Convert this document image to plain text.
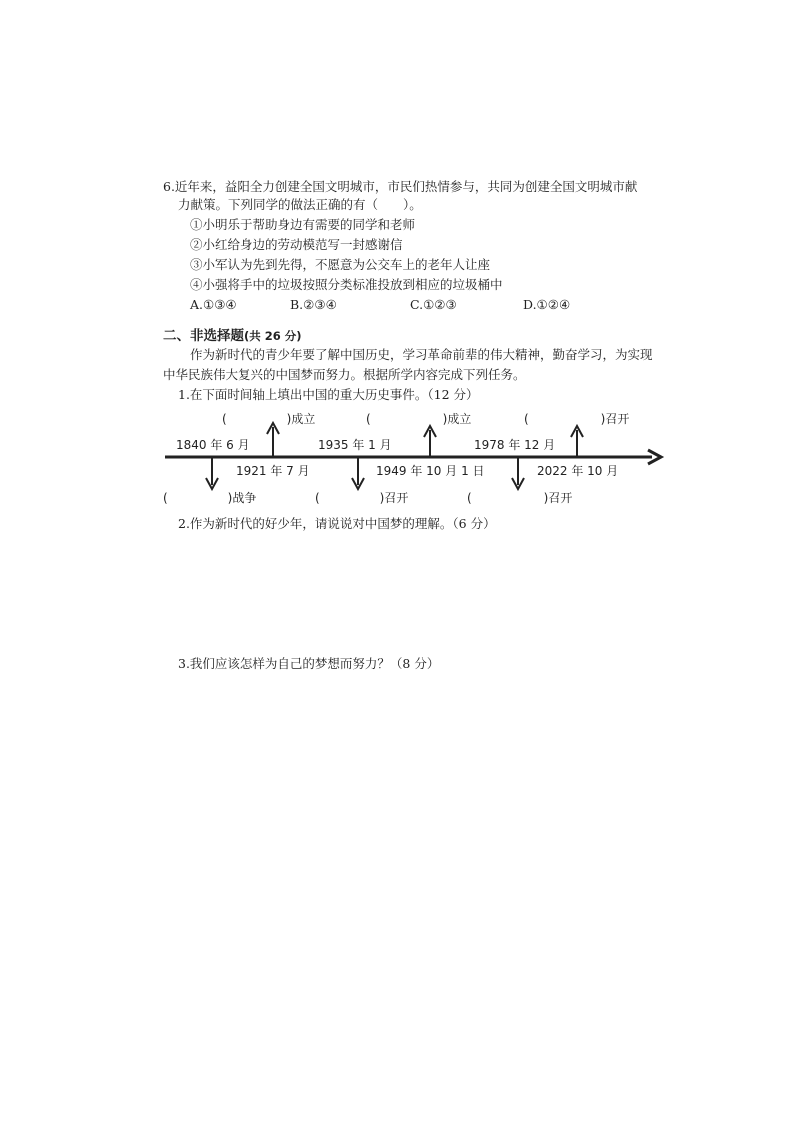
6.近年来，益阳全力创建全国文明城市，市民们热情参与，共同为创建全国文明城市献
力献策。下列同学的做法正确的有（　　）。
①小明乐于帮助身边有需要的同学和老师
②小红给身边的劳动模范写一封感谢信
③小军认为先到先得，不愿意为公交车上的老年人让座
④小强将手中的垃圾按照分类标准投放到相应的垃圾桶中
A.①③④	B.②③④	C.①②③	D.①②④
二、非选择题(共 26 分)
作为新时代的青少年要了解中国历史，学习革命前辈的伟大精神，勤奋学习，为实现
中华民族伟大复兴的中国梦而努力。根据所学内容完成下列任务。
1.在下面时间轴上填出中国的重大历史事件。（12 分）
(　　　　　)成立	(　　　　　　)成立	(　　　　　　)召开
1840 年 6 月	1935 年 1 月	1978 年 12 月
1921 年 7 月	1949 年 10 月 1 日	2022 年 10 月
(　　　　　)战争	(　　　　　)召开	(　　　　　　)召开
2.作为新时代的好少年，请说说对中国梦的理解。（6 分）
3.我们应该怎样为自己的梦想而努力？（8 分）
